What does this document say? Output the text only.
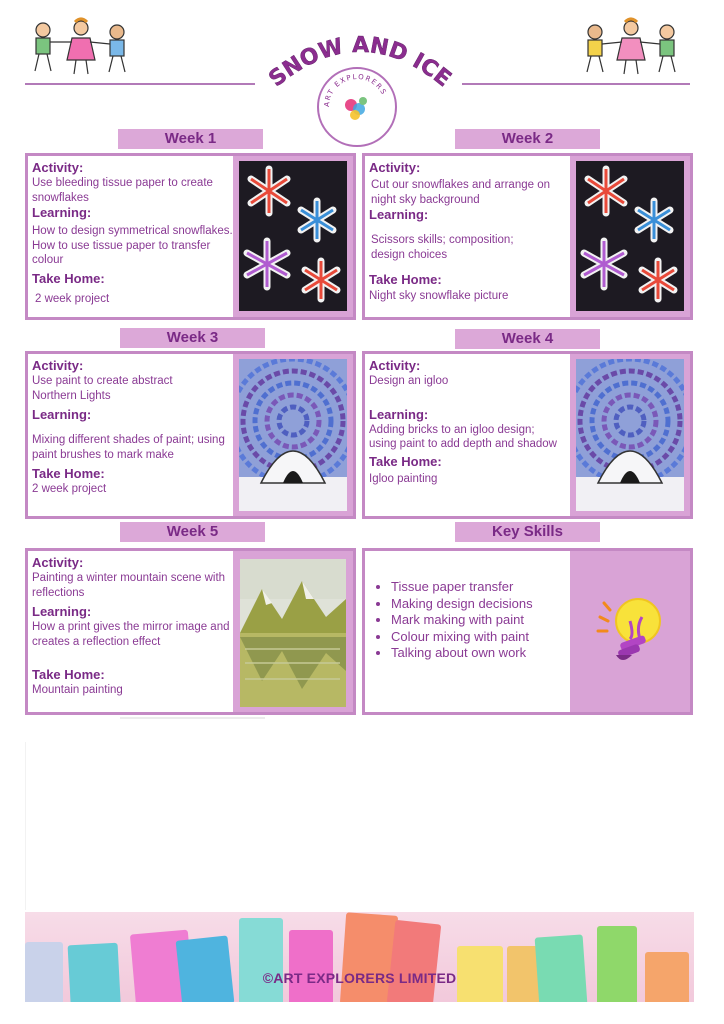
SNOW AND ICE
ART EXPLORERS
Week 1	Week 2
Activity:
Use bleeding tissue paper to create snowflakes
Learning:
How to design symmetrical snowflakes. How to use tissue paper to transfer colour
Take Home:
2 week project
Activity:
Cut our snowflakes and arrange on night sky background
Learning:
Scissors skills; composition; design choices
Take Home:
Night sky snowflake picture
Week 3	Week 4
Activity:
Use paint to create abstract Northern Lights
Learning:
Mixing different shades of paint; using paint brushes to mark make
Take Home:
2 week project
Activity:
Design an igloo
Learning:
Adding bricks to an igloo design; using paint to add depth and shadow
Take Home:
Igloo painting
Week 5	Key Skills
Activity:
Painting a winter mountain scene with reflections
Learning:
How a print gives the mirror image and creates a reflection effect
Take Home:
Mountain painting
• Tissue paper transfer
• Making design decisions
• Mark making with paint
• Colour mixing with paint
• Talking about own work
©ART EXPLORERS LIMITED
